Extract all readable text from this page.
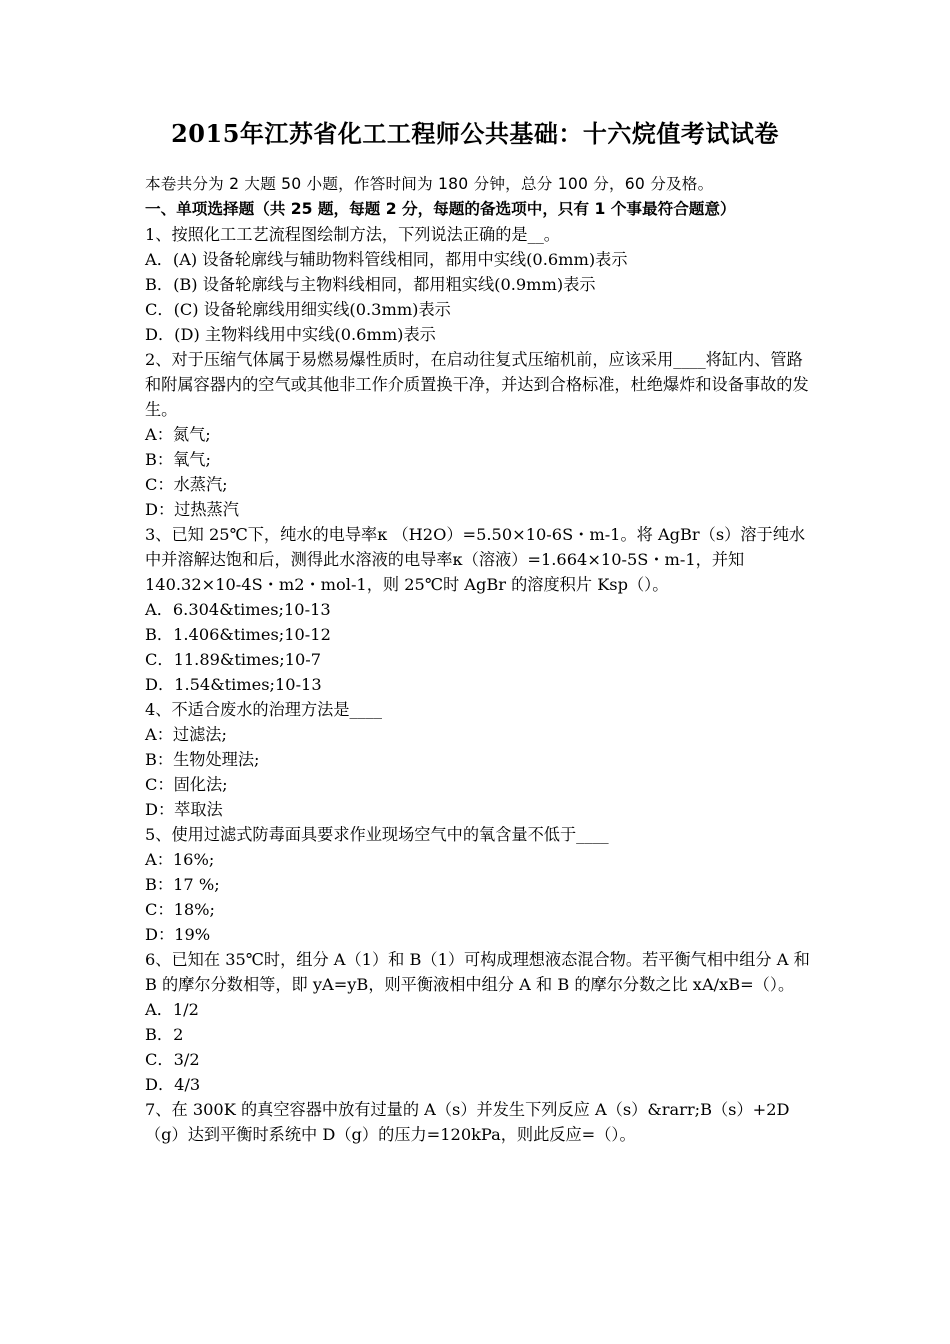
2015年江苏省化工工程师公共基础：十六烷值考试试卷

本卷共分为 2 大题 50 小题，作答时间为 180 分钟，总分 100 分，60 分及格。

一、单项选择题（共 25 题，每题 2 分，每题的备选项中，只有 1 个事最符合题意）

1、按照化工工艺流程图绘制方法，下列说法正确的是__。

A．(A) 设备轮廓线与辅助物料管线相同，都用中实线(0.6mm)表示

B．(B) 设备轮廓线与主物料线相同，都用粗实线(0.9mm)表示

C．(C) 设备轮廓线用细实线(0.3mm)表示

D．(D) 主物料线用中实线(0.6mm)表示

2、对于压缩气体属于易燃易爆性质时，在启动往复式压缩机前，应该采用____将缸内、管路和附属容器内的空气或其他非工作介质置换干净，并达到合格标准，杜绝爆炸和设备事故的发生。

A：氮气;

B：氧气;

C：水蒸汽;

D：过热蒸汽

3、已知 25℃下，纯水的电导率κ （H2O）=5.50×10-6S・m-1。将 AgBr（s）溶于纯水中并溶解达饱和后，测得此水溶液的电导率κ（溶液）=1.664×10-5S・m-1，并知 140.32×10-4S・m2・mol-1，则 25℃时 AgBr 的溶度积片 Ksp（）。

A．6.304&times;10-13

B．1.406&times;10-12

C．11.89&times;10-7

D．1.54&times;10-13

4、不适合废水的治理方法是____

A：过滤法;

B：生物处理法;

C：固化法;

D：萃取法

5、使用过滤式防毒面具要求作业现场空气中的氧含量不低于____

A：16%;

B：17 %;

C：18%;

D：19%

6、已知在 35℃时，组分 A（1）和 B（1）可构成理想液态混合物。若平衡气相中组分 A 和 B 的摩尔分数相等，即 yA=yB，则平衡液相中组分 A 和 B 的摩尔分数之比 xA/xB=（）。

A．1/2

B．2

C．3/2

D．4/3

7、在 300K 的真空容器中放有过量的 A（s）并发生下列反应 A（s）&rarr;B（s）+2D（g）达到平衡时系统中 D（g）的压力=120kPa，则此反应=（）。
